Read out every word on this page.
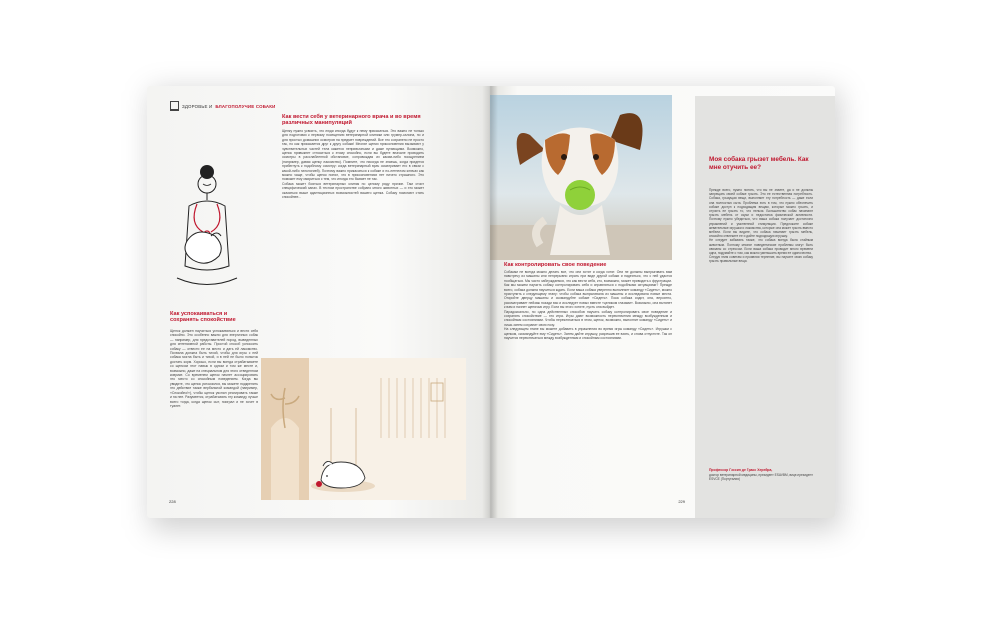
ЗДОРОВЬЕ И БЛАГОПОЛУЧИЕ СОБАКИ
Как вести себя у ветеринарного врача и во время различных манипуляций
Щенку нужно усвоить, что люди иногда будут к нему прикасаться. Это важно не только для подготовки к первому посещению ветеринарной клиники или грумер-салона, но и для простых домашних осмотров на предмет повреждений. Все это сохранено не просто так, но как прикасается друг к другу собаки! Многие щенки прикосновения вызывают у чувствительных частей тела кажется непривычными и даже пугающими. Возможно, щенок привыкнет относиться к этому спокойно, если вы будете вначале проводить осмотры в расслабленной обстановке, сопровождая их каким-либо поощрением (например, давая щенку лакомство). Помните, что никогда не знаешь, когда придется прибегнуть к подобному осмотру: когда ветеринарный врач осматривает его в связи с какой-либо патологией). Поэтому важно прикасаться к собаке и по-летнелом ключах как можно чаще, чтобы щенок понял, что в прикосновениях нет ничего страшного. Это поможет ему смириться с тем, что иногда это бывает не так.
Собака может бояться ветеринарных клиник по целому ряду причин. Там стоит специфический запах. В тесном пространстве собрано много животных — и это может оказаться выше адаптационных возможностей вашего щенка. Собаку помогают стать спокойнее...
Как успокаиваться и сохранять спокойствие
Щенок должен научиться успокаиваться и вести себя спокойно. Это особенно важно для энергичных собак — например, для представителей пород, выведенных для интенсивной работы. Простой способ успокоить собаку — отвести ее на место и дать ей лакомство. Похвала должна быть тихой, чтобы для игры с ней собака могла быть и тихой, и в ней не было попыток достать корм. Хорошо, если вы всегда отрабатываете со щенком этот навык в одном и том же месте и, возможно, даже на специальном для этого отведенном коврике. Со временем щенок начнет ассоциировать это место со спокойным поведением. Когда вы увидите, что щенок успокоился, вы можете подкрепить это действие также вербальной командой (например, «Спокойно!»), чтобы щенок уяснил реагировать также и на нее. Разумеется, отрабатывать эту команду лучше всего тогда, когда щенок сыт, поиграл и не хочет в туалет.
228
Как контролировать свое поведение
Собакам не всегда можно делать все, что они хотят и когда хотят. Они не должны выпрыгивать вам навстречу из машины или непрерывно играть при виде другой собаки и надеяться, что с ней удастся пообщаться. Мы часто заблуждаемся, что как вести себя, кто, возможно, может приводить к фрустрации. Как мы можем научить собаку контролировать себя и справляться с подобными ситуациями? Прежде всего, собака должна научиться ждать. Если ваша собака уверенно выполняет команду «Сидеть», можно приступить к следующему этапу: чтобы собака выпрыгивала из машины и исследовала новые места. Откройте дверцу машины и скомандуйте собаке «Сидеть». Пока собака сидит, она, вероятно, рассматривает пейзаж позади вас и исследует новых вместе «целиком глазами». Возможно, она вытянет к вам и начнет щенячью игру. Если вы этого хотите, пусть она выйдет.
Парадоксально, но одна действенных способов научить собаку контролировать свое поведение и сохранять спокойствие — это игра. Игры дают возможность переключения между возбужденным и спокойным состояниями. Чтобы переключаться в этом, щенок, возможно, выполнит команду «Сидеть» и лишь затем сохранит свою позу.
На следующем этапе вы можете добавить в упражнения во время игры команду «Сидеть». Игрушки с щенком, скомандуйте ему «Сидеть». Затем дайте игрушку, разрешив ее взять, и снова отпустите. Так он научится переключаться между возбужденным и спокойным состояниями.
Моя собака грызет мебель. Как мне отучить ее?
Прежде всего, нужно понять, что вы не знаете, да и не должны запрещать своей собаке грызть. Это ее естественная потребность. Собака, грызущая вещи, выполняет эту потребность — даже если она полностью сыта. Проблема есть в том, что нужно обеспечить собаке доступ к подходящим вещам, которые можно грызть, и отучить ее грызть то, что нельзя. Большинство собак начинают грызть мебель от скуки и недостатка физической активности. Поэтому нужно убедиться, что ваша собака получает достаточно упражнений и умственной стимуляции. Предложите собаке жевательные игрушки и лакомства, которые она может грызть вместо мебели. Если вы видите, что собака начинает грызть мебель, спокойно отвлеките ее и дайте подходящую игрушку.
Не следует забывать также, что собака всегда была стайным животным. Поэтому многие поведенческие проблемы могут быть связаны со стрессом. Если ваша собака проводит много времени одна, подумайте о том, как можно уменьшить время ее одиночества.
Следуя этим советам и проявляя терпение, вы научите свою собаку грызть правильные вещи.
Профессор Гэссин де Грасс Херейра,
доктор ветеринарной медицины, президент ESAVBM, вице-президент ESVCE (Португалия)
229
